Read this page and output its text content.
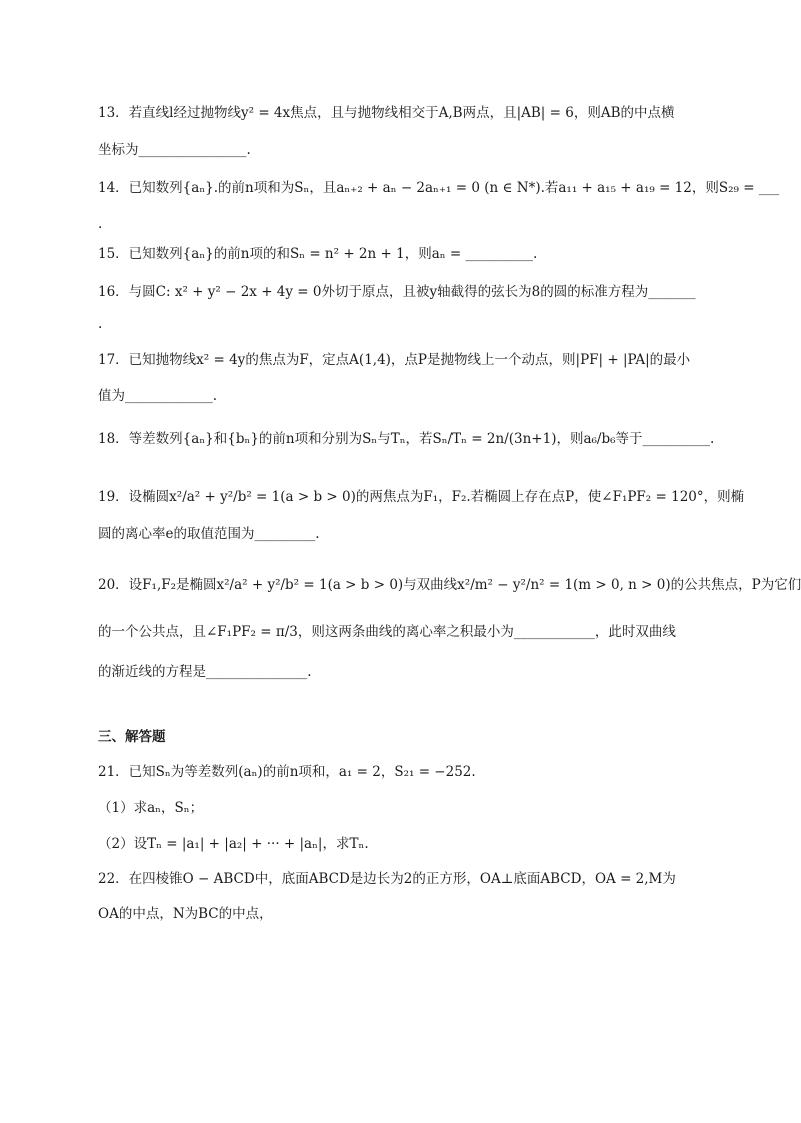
13．若直线l经过抛物线y² = 4x焦点，且与抛物线相交于A,B两点，且|AB| = 6，则AB的中点横
坐标为________________.
14．已知数列{aₙ}.的前n项和为Sₙ，且aₙ₊₂ + aₙ − 2aₙ₊₁ = 0 (n ∈ N*).若a₁₁ + a₁₅ + a₁₉ = 12，则S₂₉ = ___
.
15．已知数列{aₙ}的前n项的和Sₙ = n² + 2n + 1，则aₙ = __________.
16．与圆C: x² + y² − 2x + 4y = 0外切于原点，且被y轴截得的弦长为8的圆的标准方程为_______
.
17．已知抛物线x² = 4y的焦点为F，定点A(1,4)，点P是抛物线上一个动点，则|PF| + |PA|的最小
值为_____________.
18．等差数列{aₙ}和{bₙ}的前n项和分别为Sₙ与Tₙ，若Sₙ/Tₙ = 2n/(3n+1)，则a₆/b₆等于__________.
19．设椭圆x²/a² + y²/b² = 1(a > b > 0)的两焦点为F₁，F₂.若椭圆上存在点P，使∠F₁PF₂ = 120°，则椭
圆的离心率e的取值范围为_________.
20．设F₁,F₂是椭圆x²/a² + y²/b² = 1(a > b > 0)与双曲线x²/m² − y²/n² = 1(m > 0, n > 0)的公共焦点，P为它们
的一个公共点，且∠F₁PF₂ = π/3，则这两条曲线的离心率之积最小为____________，此时双曲线
的渐近线的方程是_______________.
三、解答题
21．已知Sₙ为等差数列(aₙ)的前n项和，a₁ = 2，S₂₁ = −252.
（1）求aₙ，Sₙ；
（2）设Tₙ = |a₁| + |a₂| + ··· + |aₙ|，求Tₙ.
22．在四棱锥O − ABCD中，底面ABCD是边长为2的正方形，OA⊥底面ABCD，OA = 2,M为
OA的中点，N为BC的中点，
